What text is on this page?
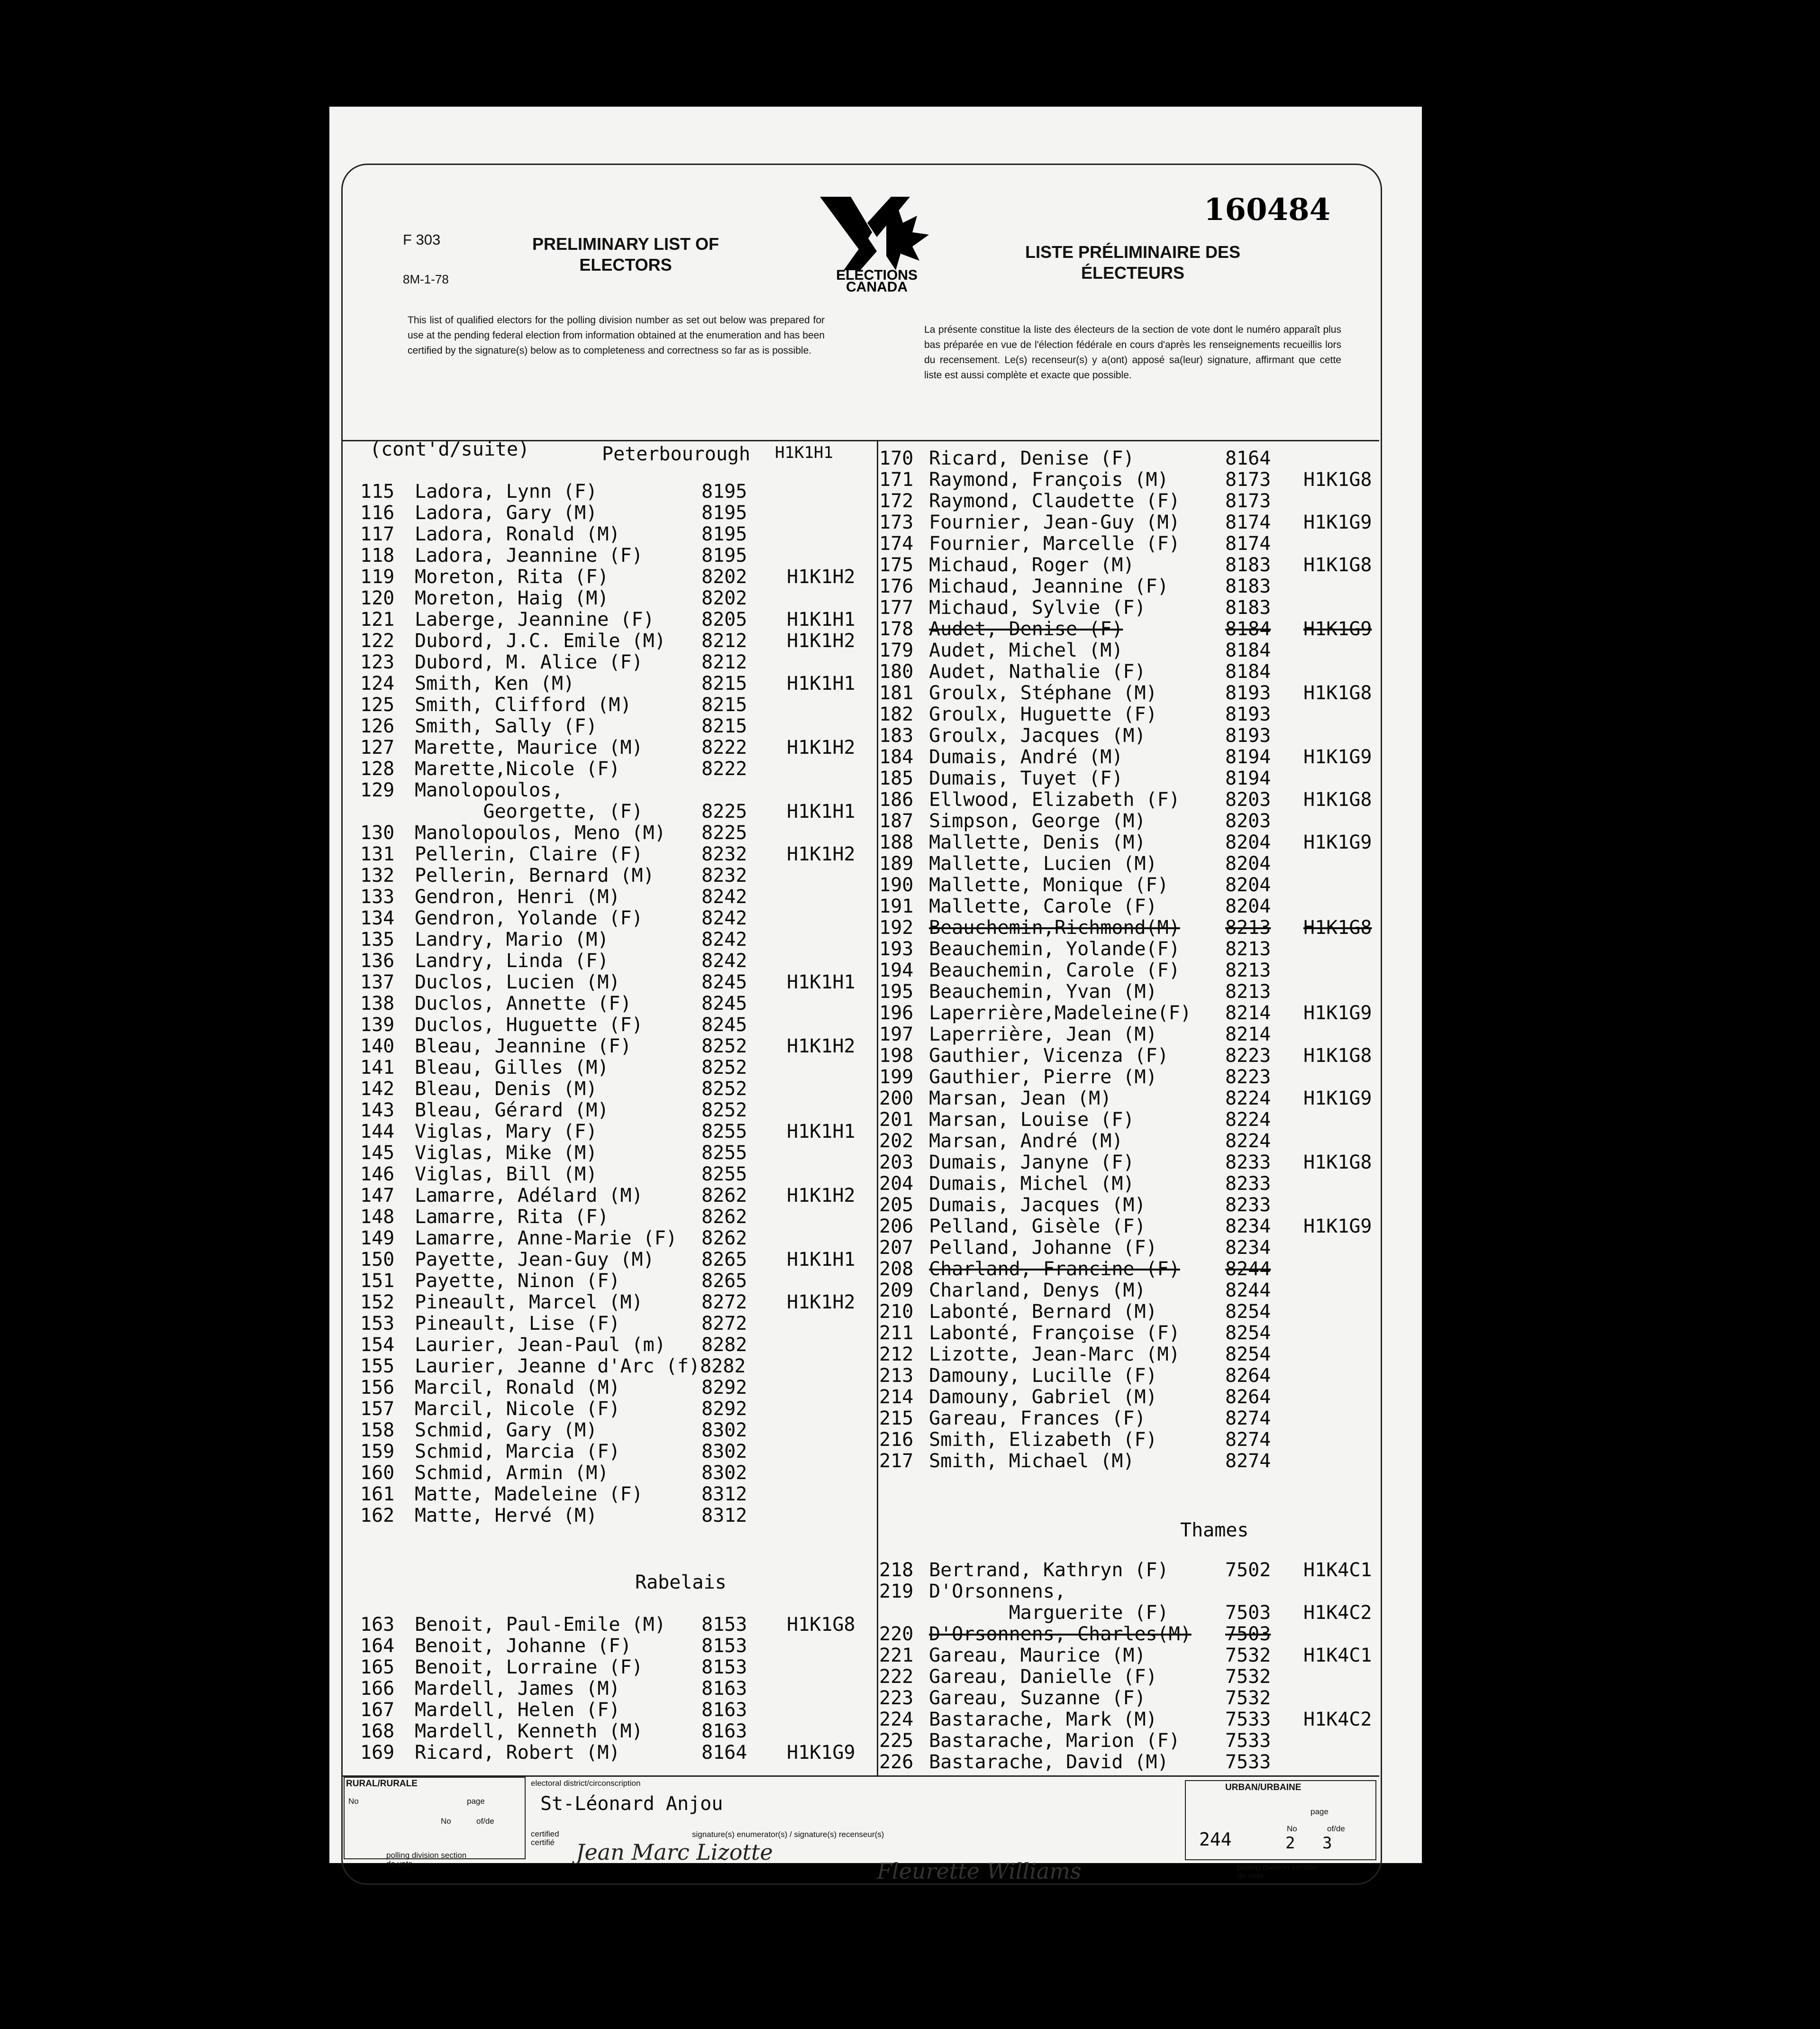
F 303
8M-1-78
PRELIMINARY LIST OF ELECTORS
LISTE PRÉLIMINAIRE DES ÉLECTEURS
160484
ELECTIONS
CANADA
This list of qualified electors for the polling division number as set out below was prepared for use at the pending federal election from information obtained at the enumeration and has been certified by the signature(s) below as to completeness and correctness so far as is possible.
La présente constitue la liste des électeurs de la section de vote dont le numéro apparaît plus bas préparée en vue de l'élection fédérale en cours d'après les renseignements recueillis lors du recensement. Le(s) recenseur(s) y a(ont) apposé sa(leur) signature, affirmant que cette liste est aussi complète et exacte que possible.
(cont'd/suite)	Peterbourough H1K1H1
115 Ladora, Lynn (F)	8195
116 Ladora, Gary (M)	8195
117 Ladora, Ronald (M)	8195
118 Ladora, Jeannine (F)	8195
119 Moreton, Rita (F)	8202 H1K1H2
120 Moreton, Haig (M)	8202
121 Laberge, Jeannine (F) 8205 H1K1H1
122 Dubord, J.C. Emile (M) 8212 H1K1H2
123 Dubord, M. Alice (F)	8212
124 Smith, Ken (M)	8215 H1K1H1
125 Smith, Clifford (M)	8215
126 Smith, Sally (F)	8215
127 Marette, Maurice (M)	8222 H1K1H2
128 Marette,Nicole (F)	8222
129 Manolopoulos,
Georgette, (F)	8225 H1K1H1
130 Manolopoulos, Meno (M) 8225
131 Pellerin, Claire (F)	8232 H1K1H2
132 Pellerin, Bernard (M) 8232
133 Gendron, Henri (M)	8242
134 Gendron, Yolande (F)	8242
135 Landry, Mario (M)	8242
136 Landry, Linda (F)	8242
137 Duclos, Lucien (M)	8245 H1K1H1
138 Duclos, Annette (F)	8245
139 Duclos, Huguette (F)	8245
140 Bleau, Jeannine (F)	8252 H1K1H2
141 Bleau, Gilles (M)	8252
142 Bleau, Denis (M)	8252
143 Bleau, Gérard (M)	8252
144 Viglas, Mary (F)	8255 H1K1H1
145 Viglas, Mike (M)	8255
146 Viglas, Bill (M)	8255
147 Lamarre, Adélard (M)	8262 H1K1H2
148 Lamarre, Rita (F)	8262
149 Lamarre, Anne-Marie (F) 8262
150 Payette, Jean-Guy (M) 8265 H1K1H1
151 Payette, Ninon (F)	8265
152 Pineault, Marcel (M)	8272 H1K1H2
153 Pineault, Lise (F)	8272
154 Laurier, Jean-Paul (m) 8282
155 Laurier, Jeanne d'Arc (f)8282
156 Marcil, Ronald (M)	8292
157 Marcil, Nicole (F)	8292
158 Schmid, Gary (M)	8302
159 Schmid, Marcia (F)	8302
160 Schmid, Armin (M)	8302
161 Matte, Madeleine (F)	8312
162 Matte, Hervé (M)	8312
Rabelais
163 Benoit, Paul-Emile (M) 8153 H1K1G8
164 Benoit, Johanne (F)	8153
165 Benoit, Lorraine (F)	8153
166 Mardell, James (M)	8163
167 Mardell, Helen (F)	8163
168 Mardell, Kenneth (M)	8163
169 Ricard, Robert (M)	8164 H1K1G9
170 Ricard, Denise (F)	8164
171 Raymond, François (M)	8173 H1K1G8
172 Raymond, Claudette (F) 8173
173 Fournier, Jean-Guy (M) 8174 H1K1G9
174 Fournier, Marcelle (F) 8174
175 Michaud, Roger (M)	8183 H1K1G8
176 Michaud, Jeannine (F)	8183
177 Michaud, Sylvie (F)	8183
178 Audet, Denise (F)	8184 H1K1G9
179 Audet, Michel (M)	8184
180 Audet, Nathalie (F)	8184
181 Groulx, Stéphane (M)	8193 H1K1G8
182 Groulx, Huguette (F)	8193
183 Groulx, Jacques (M)	8193
184 Dumais, André (M)	8194 H1K1G9
185 Dumais, Tuyet (F)	8194
186 Ellwood, Elizabeth (F) 8203 H1K1G8
187 Simpson, George (M)	8203
188 Mallette, Denis (M)	8204 H1K1G9
189 Mallette, Lucien (M)	8204
190 Mallette, Monique (F)	8204
191 Mallette, Carole (F)	8204
192 Beauchemin,Richmond(M) 8213 H1K1G8
193 Beauchemin, Yolande(F) 8213
194 Beauchemin, Carole (F) 8213
195 Beauchemin, Yvan (M)	8213
196 Laperrière,Madeleine(F) 8214 H1K1G9
197 Laperrière, Jean (M)	8214
198 Gauthier, Vicenza (F)	8223 H1K1G8
199 Gauthier, Pierre (M)	8223
200 Marsan, Jean (M)	8224 H1K1G9
201 Marsan, Louise (F)	8224
202 Marsan, André (M)	8224
203 Dumais, Janyne (F)	8233 H1K1G8
204 Dumais, Michel (M)	8233
205 Dumais, Jacques (M)	8233
206 Pelland, Gisèle (F)	8234 H1K1G9
207 Pelland, Johanne (F)	8234
208 Charland, Francine (F) 8244
209 Charland, Denys (M)	8244
210 Labonté, Bernard (M)	8254
211 Labonté, Françoise (F) 8254
212 Lizotte, Jean-Marc (M) 8254
213 Damouny, Lucille (F)	8264
214 Damouny, Gabriel (M)	8264
215 Gareau, Frances (F)	8274
216 Smith, Elizabeth (F)	8274
217 Smith, Michael (M)	8274
Thames
218 Bertrand, Kathryn (F)	7502 H1K4C1
219 D'Orsonnens,
Marguerite (F)	7503 H1K4C2
220 D'Orsonnens, Charles(M) 7503
221 Gareau, Maurice (M)	7532 H1K4C1
222 Gareau, Danielle (F)	7532
223 Gareau, Suzanne (F)	7532
224 Bastarache, Mark (M)	7533 H1K4C2
225 Bastarache, Marion (F) 7533
226 Bastarache, David (M)	7533
RURAL/RURALE
No	page
No	of/de
polling division section de vote
electoral district/circonscription
St-Léonard Anjou
certified certifié
signature(s) enumerator(s) / signature(s) recenseur(s)
Jean Marc Lizotte
Fleurette Williams
URBAN/URBAINE
page
244
No	of/de
2 3
polling division section de vote
